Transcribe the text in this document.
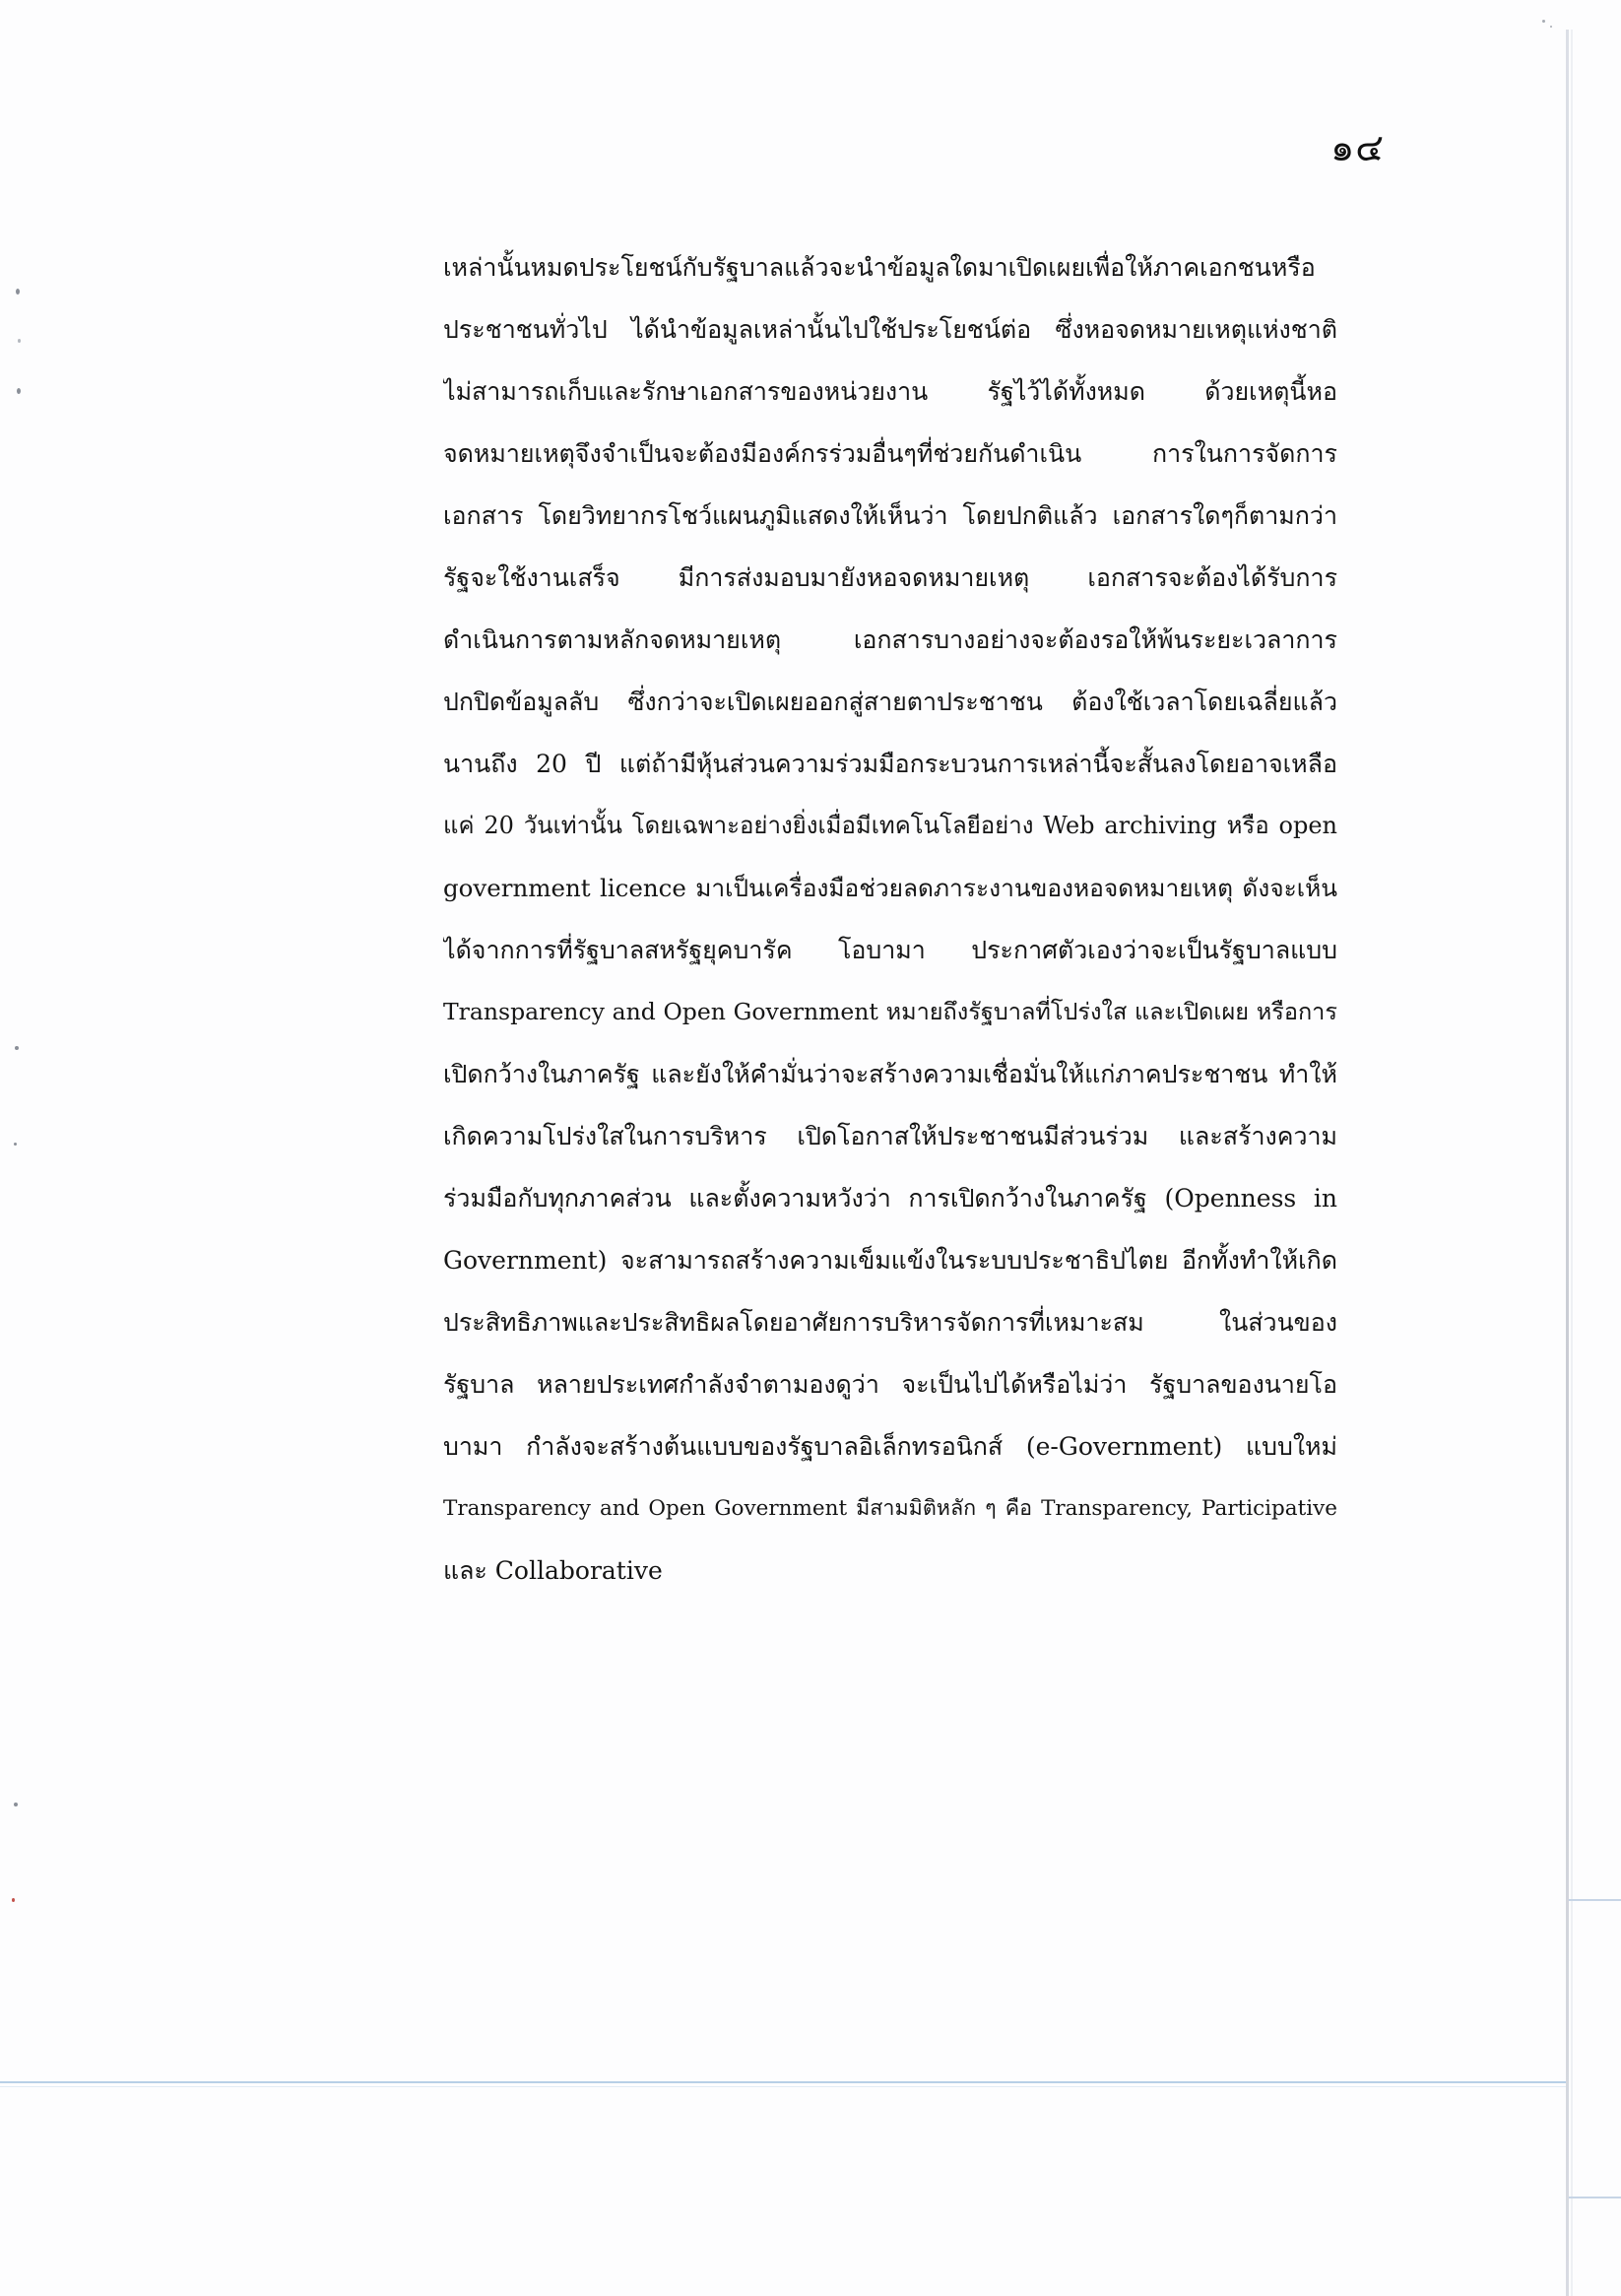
๑๔
เหล่านั้นหมดประโยชน์กับรัฐบาลแล้วจะนำข้อมูลใดมาเปิดเผยเพื่อให้ภาคเอกชนหรือ
ประชาชนทั่วไป ได้นำข้อมูลเหล่านั้นไปใช้ประโยชน์ต่อ ซึ่งหอจดหมายเหตุแห่งชาติ
ไม่สามารถเก็บและรักษาเอกสารของหน่วยงาน รัฐไว้ได้ทั้งหมด ด้วยเหตุนี้หอ
จดหมายเหตุจึงจำเป็นจะต้องมีองค์กรร่วมอื่นๆที่ช่วยกันดำเนิน การในการจัดการ
เอกสาร โดยวิทยากรโชว์แผนภูมิแสดงให้เห็นว่า โดยปกติแล้ว เอกสารใดๆก็ตามกว่า
รัฐจะใช้งานเสร็จ มีการส่งมอบมายังหอจดหมายเหตุ เอกสารจะต้องได้รับการ
ดำเนินการตามหลักจดหมายเหตุ เอกสารบางอย่างจะต้องรอให้พ้นระยะเวลาการ
ปกปิดข้อมูลลับ ซึ่งกว่าจะเปิดเผยออกสู่สายตาประชาชน ต้องใช้เวลาโดยเฉลี่ยแล้ว
นานถึง 20 ปี แต่ถ้ามีหุ้นส่วนความร่วมมือกระบวนการเหล่านี้จะสั้นลงโดยอาจเหลือ
แค่ 20 วันเท่านั้น โดยเฉพาะอย่างยิ่งเมื่อมีเทคโนโลยีอย่าง Web archiving หรือ open
government licence มาเป็นเครื่องมือช่วยลดภาระงานของหอจดหมายเหตุ ดังจะเห็น
ได้จากการที่รัฐบาลสหรัฐยุคบารัค โอบามา ประกาศตัวเองว่าจะเป็นรัฐบาลแบบ
Transparency and Open Government หมายถึงรัฐบาลที่โปร่งใส และเปิดเผย หรือการ
เปิดกว้างในภาครัฐ และยังให้คำมั่นว่าจะสร้างความเชื่อมั่นให้แก่ภาคประชาชน ทำให้
เกิดความโปร่งใสในการบริหาร เปิดโอกาสให้ประชาชนมีส่วนร่วม และสร้างความ
ร่วมมือกับทุกภาคส่วน และตั้งความหวังว่า การเปิดกว้างในภาครัฐ (Openness in
Government) จะสามารถสร้างความเข็มแข้งในระบบประชาธิปไตย อีกทั้งทำให้เกิด
ประสิทธิภาพและประสิทธิผลโดยอาศัยการบริหารจัดการที่เหมาะสม ในส่วนของ
รัฐบาล หลายประเทศกำลังจำตามองดูว่า จะเป็นไปได้หรือไม่ว่า รัฐบาลของนายโอ
บามา กำลังจะสร้างต้นแบบของรัฐบาลอิเล็กทรอนิกส์ (e-Government) แบบใหม่
Transparency and Open Government มีสามมิติหลัก ๆ คือ Transparency, Participative
และ Collaborative
